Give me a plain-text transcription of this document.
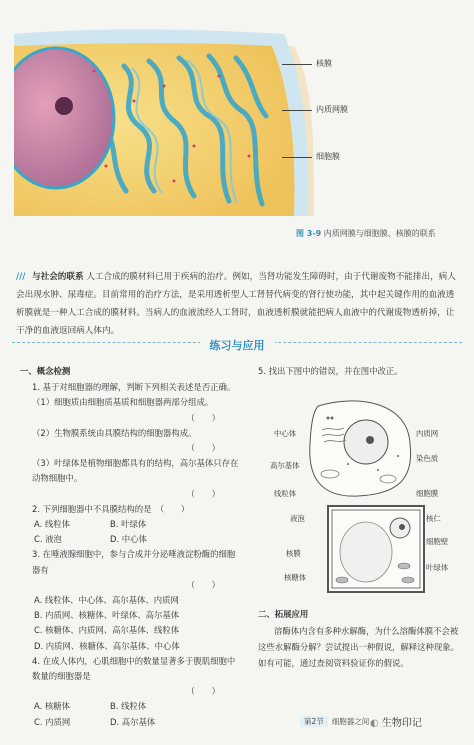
核膜
内质网膜
细胞膜
图 3-9 内质网膜与细胞膜、核膜的联系
/// 与社会的联系 人工合成的膜材料已用于疾病的治疗。例如，当肾功能发生障碍时，由于代谢废物不能排出，病人会出现水肿、尿毒症。目前常用的治疗方法，是采用透析型人工肾替代病变的肾行使功能，其中起关键作用的血液透析膜就是一种人工合成的膜材料。当病人的血液流经人工肾时，血液透析膜就能把病人血液中的代谢废物透析掉，让干净的血液返回病人体内。
练习与应用
一、概念检测
1. 基于对细胞器的理解，判断下列相关表述是否正确。
（1）细胞质由细胞质基质和细胞器两部分组成。
（　　）
（2）生物膜系统由具膜结构的细胞器构成。
（　　）
（3）叶绿体是植物细胞都具有的结构，高尔基体只存在动物细胞中。
（　　）
2. 下列细胞器中不具膜结构的是　 （　　）
A. 线粒体	B. 叶绿体
C. 液泡	D. 中心体
3. 在唾液腺细胞中，参与合成并分泌唾液淀粉酶的细胞器有
（　　）
A. 线粒体、中心体、高尔基体、内质网
B. 内质网、核糖体、叶绿体、高尔基体
C. 核糖体、内质网、高尔基体、线粒体
D. 内质网、核糖体、高尔基体、中心体
4. 在成人体内，心肌细胞中的数量显著多于腹肌细胞中数量的细胞器是
（　　）
A. 核糖体	B. 线粒体
C. 内质网	D. 高尔基体
5. 找出下图中的错误，并在图中改正。
中心体	内质网
染色质
高尔基体
线粒体	细胞膜
液泡	核仁
细胞壁
核膜
叶绿体
核糖体
二、拓展应用
溶酶体内含有多种水解酶，为什么溶酶体膜不会被这些水解酶分解？尝试提出一种假说，解释这种现象。如有可能，通过查阅资料验证你的假说。
第2节 细胞器之间 ◐ 生物印记
